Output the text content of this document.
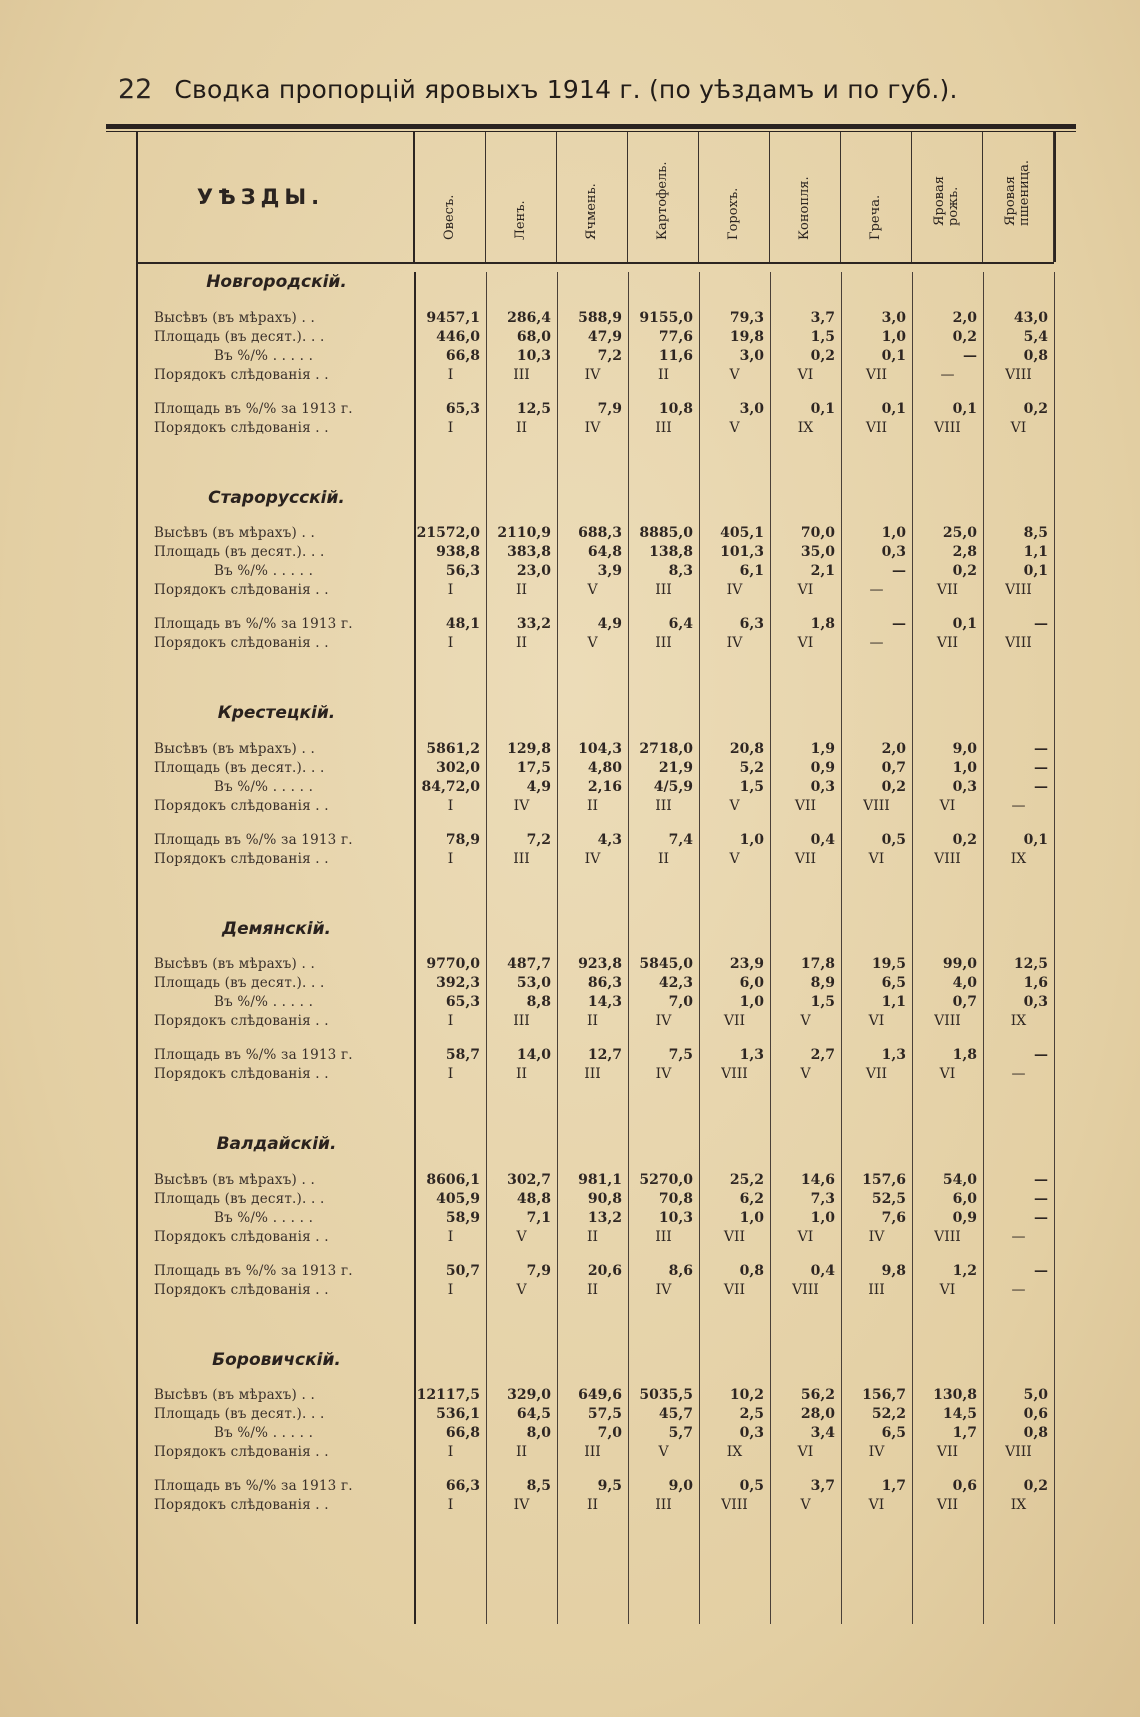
22 Сводка пропорцій яровыхъ 1914 г. (по уѣздамъ и по губ.).
УѢЗДЫ.	Овесъ.	Ленъ.	Ячмень.	Картофель.	Горохъ.	Конопля.	Греча.	Яровая
рожь.	Яровая
пшеница.
Новгородскій.
Высѣвъ (въ мѣрахъ) . .	9457,1	286,4	588,9	9155,0	79,3	3,7	3,0	2,0	43,0
Площадь (въ десят.). . .	446,0	68,0	47,9	77,6	19,8	1,5	1,0	0,2	5,4
Въ %/% . . . . .	66,8	10,3	7,2	11,6	3,0	0,2	0,1	—	0,8
Порядокъ слѣдованія . .	I	III	IV	II	V	VI	VII	—	VIII
Площадь въ %/% за 1913 г.	65,3	12,5	7,9	10,8	3,0	0,1	0,1	0,1	0,2
Порядокъ слѣдованія . .	I	II	IV	III	V	IX	VII	VIII	VI
Старорусскій.
Высѣвъ (въ мѣрахъ) . .	21572,0	2110,9	688,3	8885,0	405,1	70,0	1,0	25,0	8,5
Площадь (въ десят.). . .	938,8	383,8	64,8	138,8	101,3	35,0	0,3	2,8	1,1
Въ %/% . . . . .	56,3	23,0	3,9	8,3	6,1	2,1	—	0,2	0,1
Порядокъ слѣдованія . .	I	II	V	III	IV	VI	—	VII	VIII
Площадь въ %/% за 1913 г.	48,1	33,2	4,9	6,4	6,3	1,8	—	0,1	—
Порядокъ слѣдованія . .	I	II	V	III	IV	VI	—	VII	VIII
Крестецкій.
Высѣвъ (въ мѣрахъ) . .	5861,2	129,8	104,3	2718,0	20,8	1,9	2,0	9,0	—
Площадь (въ десят.). . .	302,0	17,5	4,80	21,9	5,2	0,9	0,7	1,0	—
Въ %/% . . . . .	84,72,0	4,9	2,16	4/5,9	1,5	0,3	0,2	0,3	—
Порядокъ слѣдованія . .	I	IV	II	III	V	VII	VIII	VI	—
Площадь въ %/% за 1913 г.	78,9	7,2	4,3	7,4	1,0	0,4	0,5	0,2	0,1
Порядокъ слѣдованія . .	I	III	IV	II	V	VII	VI	VIII	IX
Демянскій.
Высѣвъ (въ мѣрахъ) . .	9770,0	487,7	923,8	5845,0	23,9	17,8	19,5	99,0	12,5
Площадь (въ десят.). . .	392,3	53,0	86,3	42,3	6,0	8,9	6,5	4,0	1,6
Въ %/% . . . . .	65,3	8,8	14,3	7,0	1,0	1,5	1,1	0,7	0,3
Порядокъ слѣдованія . .	I	III	II	IV	VII	V	VI	VIII	IX
Площадь въ %/% за 1913 г.	58,7	14,0	12,7	7,5	1,3	2,7	1,3	1,8	—
Порядокъ слѣдованія . .	I	II	III	IV	VIII	V	VII	VI	—
Валдайскій.
Высѣвъ (въ мѣрахъ) . .	8606,1	302,7	981,1	5270,0	25,2	14,6	157,6	54,0	—
Площадь (въ десят.). . .	405,9	48,8	90,8	70,8	6,2	7,3	52,5	6,0	—
Въ %/% . . . . .	58,9	7,1	13,2	10,3	1,0	1,0	7,6	0,9	—
Порядокъ слѣдованія . .	I	V	II	III	VII	VI	IV	VIII	—
Площадь въ %/% за 1913 г.	50,7	7,9	20,6	8,6	0,8	0,4	9,8	1,2	—
Порядокъ слѣдованія . .	I	V	II	IV	VII	VIII	III	VI	—
Боровичскій.
Высѣвъ (въ мѣрахъ) . .	12117,5	329,0	649,6	5035,5	10,2	56,2	156,7	130,8	5,0
Площадь (въ десят.). . .	536,1	64,5	57,5	45,7	2,5	28,0	52,2	14,5	0,6
Въ %/% . . . . .	66,8	8,0	7,0	5,7	0,3	3,4	6,5	1,7	0,8
Порядокъ слѣдованія . .	I	II	III	V	IX	VI	IV	VII	VIII
Площадь въ %/% за 1913 г.	66,3	8,5	9,5	9,0	0,5	3,7	1,7	0,6	0,2
Порядокъ слѣдованія . .	I	IV	II	III	VIII	V	VI	VII	IX
